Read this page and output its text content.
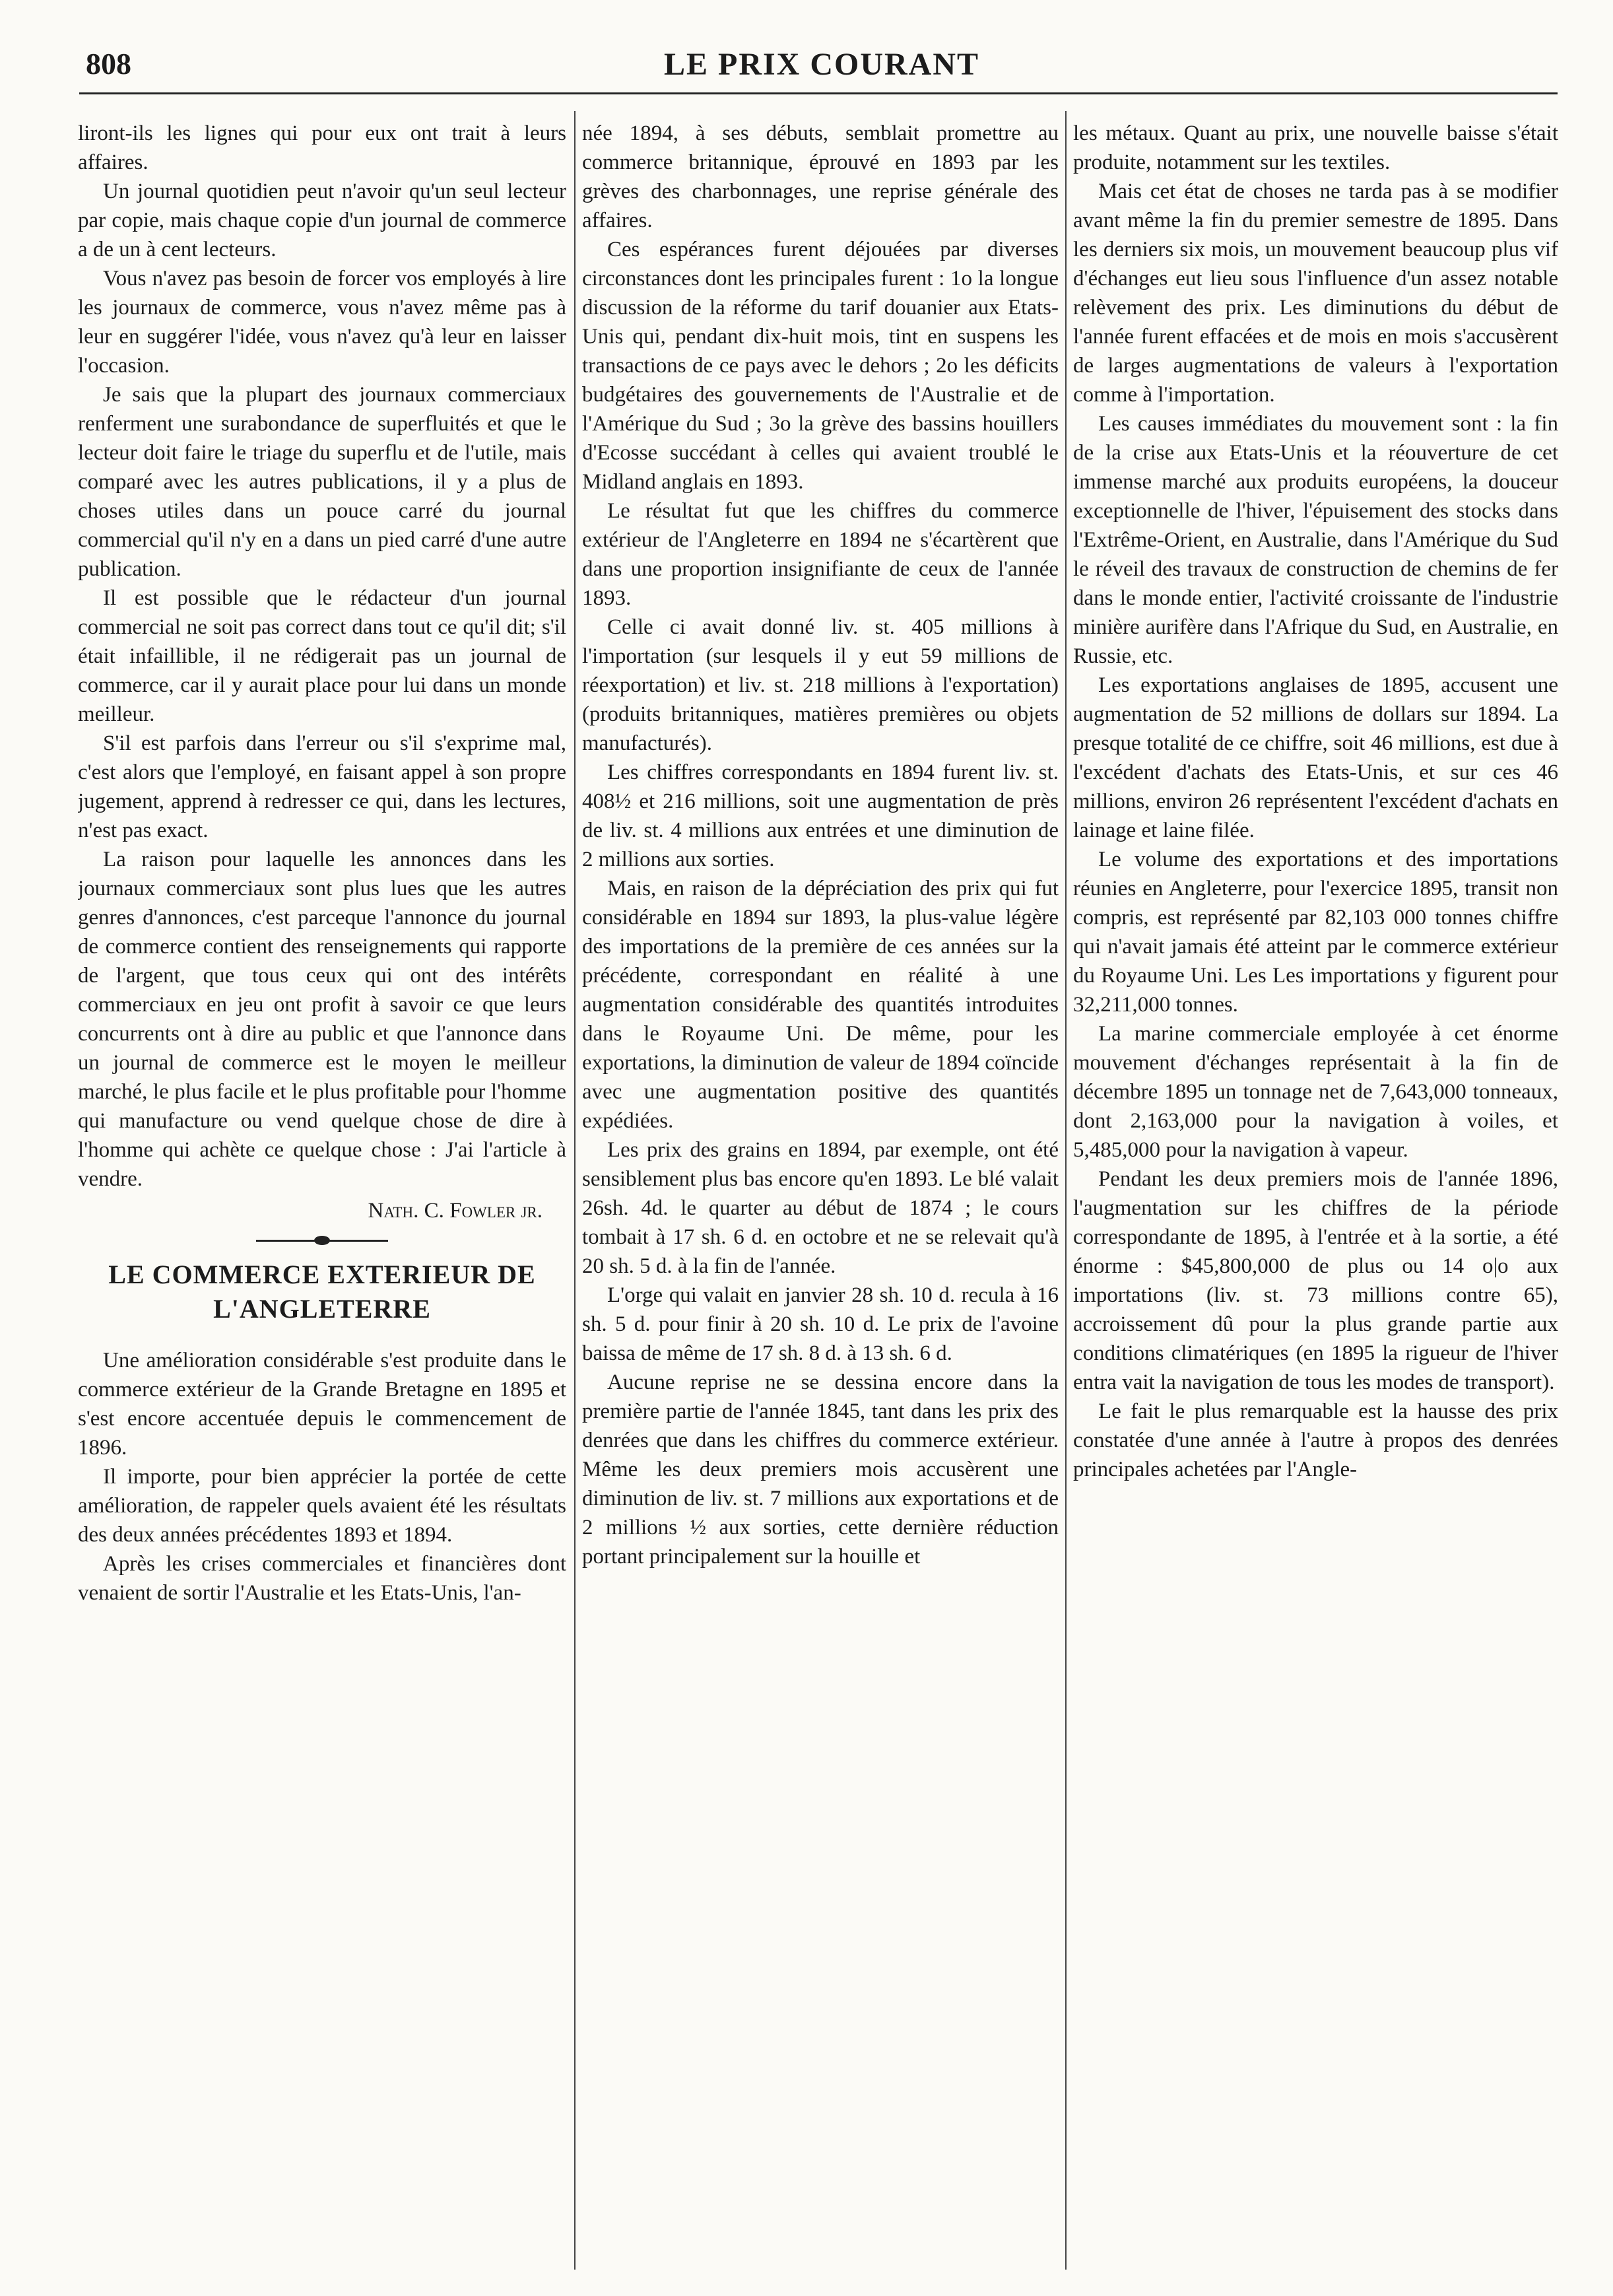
808	LE PRIX COURANT

liront-ils les lignes qui pour eux ont trait à leurs affaires.

Un journal quotidien peut n'avoir qu'un seul lecteur par copie, mais chaque copie d'un journal de commerce a de un à cent lecteurs.

Vous n'avez pas besoin de forcer vos employés à lire les journaux de commerce, vous n'avez même pas à leur en suggérer l'idée, vous n'avez qu'à leur en laisser l'occasion.

Je sais que la plupart des journaux commerciaux renferment une surabondance de superfluités et que le lecteur doit faire le triage du superflu et de l'utile, mais comparé avec les autres publications, il y a plus de choses utiles dans un pouce carré du journal commercial qu'il n'y en a dans un pied carré d'une autre publication.

Il est possible que le rédacteur d'un journal commercial ne soit pas correct dans tout ce qu'il dit; s'il était infaillible, il ne rédigerait pas un journal de commerce, car il y aurait place pour lui dans un monde meilleur.

S'il est parfois dans l'erreur ou s'il s'exprime mal, c'est alors que l'employé, en faisant appel à son propre jugement, apprend à redresser ce qui, dans les lectures, n'est pas exact.

La raison pour laquelle les annonces dans les journaux commerciaux sont plus lues que les autres genres d'annonces, c'est parceque l'annonce du journal de commerce contient des renseignements qui rapporte de l'argent, que tous ceux qui ont des intérêts commerciaux en jeu ont profit à savoir ce que leurs concurrents ont à dire au public et que l'annonce dans un journal de commerce est le moyen le meilleur marché, le plus facile et le plus profitable pour l'homme qui manufacture ou vend quelque chose de dire à l'homme qui achète ce quelque chose : J'ai l'article à vendre.

Nath. C. Fowler jr.
LE COMMERCE EXTERIEUR DE L'ANGLETERRE

Une amélioration considérable s'est produite dans le commerce extérieur de la Grande Bretagne en 1895 et s'est encore accentuée depuis le commencement de 1896.

Il importe, pour bien apprécier la portée de cette amélioration, de rappeler quels avaient été les résultats des deux années précédentes 1893 et 1894.

Après les crises commerciales et financières dont venaient de sortir l'Australie et les Etats-Unis, l'an-

née 1894, à ses débuts, semblait promettre au commerce britannique, éprouvé en 1893 par les grèves des charbonnages, une reprise générale des affaires.

Ces espérances furent déjouées par diverses circonstances dont les principales furent : 1o la longue discussion de la réforme du tarif douanier aux Etats-Unis qui, pendant dix-huit mois, tint en suspens les transactions de ce pays avec le dehors ; 2o les déficits budgétaires des gouvernements de l'Australie et de l'Amérique du Sud ; 3o la grève des bassins houillers d'Ecosse succédant à celles qui avaient troublé le Midland anglais en 1893.

Le résultat fut que les chiffres du commerce extérieur de l'Angleterre en 1894 ne s'écartèrent que dans une proportion insignifiante de ceux de l'année 1893.

Celle ci avait donné liv. st. 405 millions à l'importation (sur lesquels il y eut 59 millions de réexportation) et liv. st. 218 millions à l'exportation) (produits britanniques, matières premières ou objets manufacturés).

Les chiffres correspondants en 1894 furent liv. st. 408½ et 216 millions, soit une augmentation de près de liv. st. 4 millions aux entrées et une diminution de 2 millions aux sorties.

Mais, en raison de la dépréciation des prix qui fut considérable en 1894 sur 1893, la plus-value légère des importations de la première de ces années sur la précédente, correspondant en réalité à une augmentation considérable des quantités introduites dans le Royaume Uni. De même, pour les exportations, la diminution de valeur de 1894 coïncide avec une augmentation positive des quantités expédiées.

Les prix des grains en 1894, par exemple, ont été sensiblement plus bas encore qu'en 1893. Le blé valait 26sh. 4d. le quarter au début de 1874 ; le cours tombait à 17 sh. 6 d. en octobre et ne se relevait qu'à 20 sh. 5 d. à la fin de l'année.

L'orge qui valait en janvier 28 sh. 10 d. recula à 16 sh. 5 d. pour finir à 20 sh. 10 d. Le prix de l'avoine baissa de même de 17 sh. 8 d. à 13 sh. 6 d.

Aucune reprise ne se dessina encore dans la première partie de l'année 1845, tant dans les prix des denrées que dans les chiffres du commerce extérieur. Même les deux premiers mois accusèrent une diminution de liv. st. 7 millions aux exportations et de 2 millions ½ aux sorties, cette dernière réduction portant principalement sur la houille et

les métaux. Quant au prix, une nouvelle baisse s'était produite, notamment sur les textiles.

Mais cet état de choses ne tarda pas à se modifier avant même la fin du premier semestre de 1895. Dans les derniers six mois, un mouvement beaucoup plus vif d'échanges eut lieu sous l'influence d'un assez notable relèvement des prix. Les diminutions du début de l'année furent effacées et de mois en mois s'accusèrent de larges augmentations de valeurs à l'exportation comme à l'importation.

Les causes immédiates du mouvement sont : la fin de la crise aux Etats-Unis et la réouverture de cet immense marché aux produits européens, la douceur exceptionnelle de l'hiver, l'épuisement des stocks dans l'Extrême-Orient, en Australie, dans l'Amérique du Sud le réveil des travaux de construction de chemins de fer dans le monde entier, l'activité croissante de l'industrie minière aurifère dans l'Afrique du Sud, en Australie, en Russie, etc.

Les exportations anglaises de 1895, accusent une augmentation de 52 millions de dollars sur 1894. La presque totalité de ce chiffre, soit 46 millions, est due à l'excédent d'achats des Etats-Unis, et sur ces 46 millions, environ 26 représentent l'excédent d'achats en lainage et laine filée.

Le volume des exportations et des importations réunies en Angleterre, pour l'exercice 1895, transit non compris, est représenté par 82,103 000 tonnes chiffre qui n'avait jamais été atteint par le commerce extérieur du Royaume Uni. Les Les importations y figurent pour 32,211,000 tonnes.

La marine commerciale employée à cet énorme mouvement d'échanges représentait à la fin de décembre 1895 un tonnage net de 7,643,000 tonneaux, dont 2,163,000 pour la navigation à voiles, et 5,485,000 pour la navigation à vapeur.

Pendant les deux premiers mois de l'année 1896, l'augmentation sur les chiffres de la période correspondante de 1895, à l'entrée et à la sortie, a été énorme : $45,800,000 de plus ou 14 o|o aux importations (liv. st. 73 millions contre 65), accroissement dû pour la plus grande partie aux conditions climatériques (en 1895 la rigueur de l'hiver entra vait la navigation de tous les modes de transport).

Le fait le plus remarquable est la hausse des prix constatée d'une année à l'autre à propos des denrées principales achetées par l'Angle-
